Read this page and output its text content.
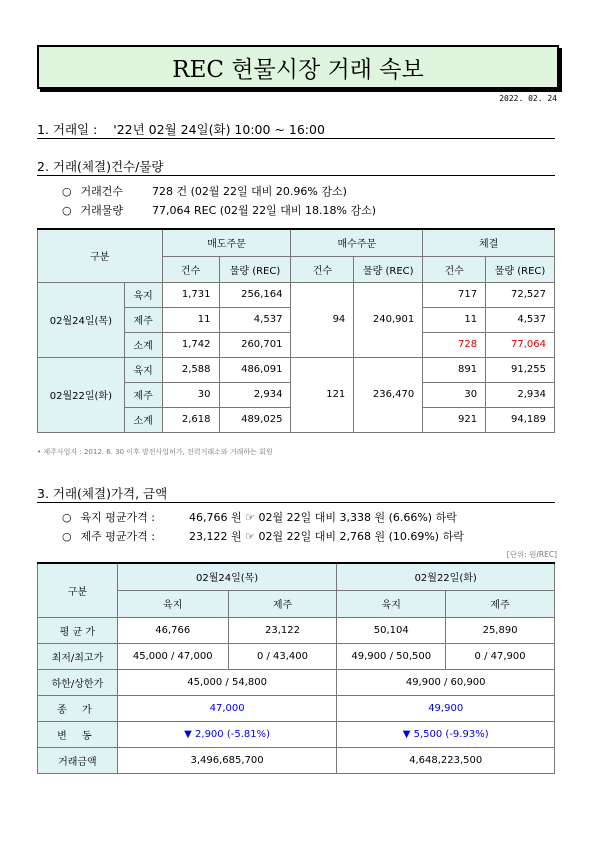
REC 현물시장 거래 속보
2022. 02. 24
1. 거래일 : '22년 02월 24일(화) 10:00 ~ 16:00
2. 거래(체결)건수/물량
○ 거래건수	728 건 (02월 22일 대비 20.96% 감소)
○ 거래물량	77,064 REC (02월 22일 대비 18.18% 감소)
구분		매도주문		매수주문		체결	
		건수	물량 (REC)	건수	물량 (REC)	건수	물량 (REC)
02월24일(목)	육지	1,731	256,164	94	240,901	717	72,527
	제주	11	4,537			11	4,537
	소계	1,742	260,701			728	77,064
02월22일(화)	육지	2,588	486,091	121	236,470	891	91,255
	제주	30	2,934			30	2,934
	소계	2,618	489,025			921	94,189
• 제주사업자 : 2012. 6. 30 이후 발전사업허가, 전력거래소와 거래하는 회원
3. 거래(체결)가격, 금액
○ 육지 평균가격 :	46,766 원 ☞ 02월 22일 대비 3,338 원 (6.66%) 하락
○ 제주 평균가격 :	23,122 원 ☞ 02월 22일 대비 2,768 원 (10.69%) 하락
[단위: 원/REC]
구분	02월24일(목)		02월22일(화)	
	육지	제주	육지	제주
평 균 가	46,766	23,122	50,104	25,890
최저/최고가	45,000 / 47,000	0 / 43,400	49,900 / 50,500	0 / 47,900
하한/상한가	45,000 / 54,800		49,900 / 60,900	
종 가	47,000		49,900	
변 동	▼ 2,900 (-5.81%)		▼ 5,500 (-9.93%)	
거래금액	3,496,685,700		4,648,223,500	
